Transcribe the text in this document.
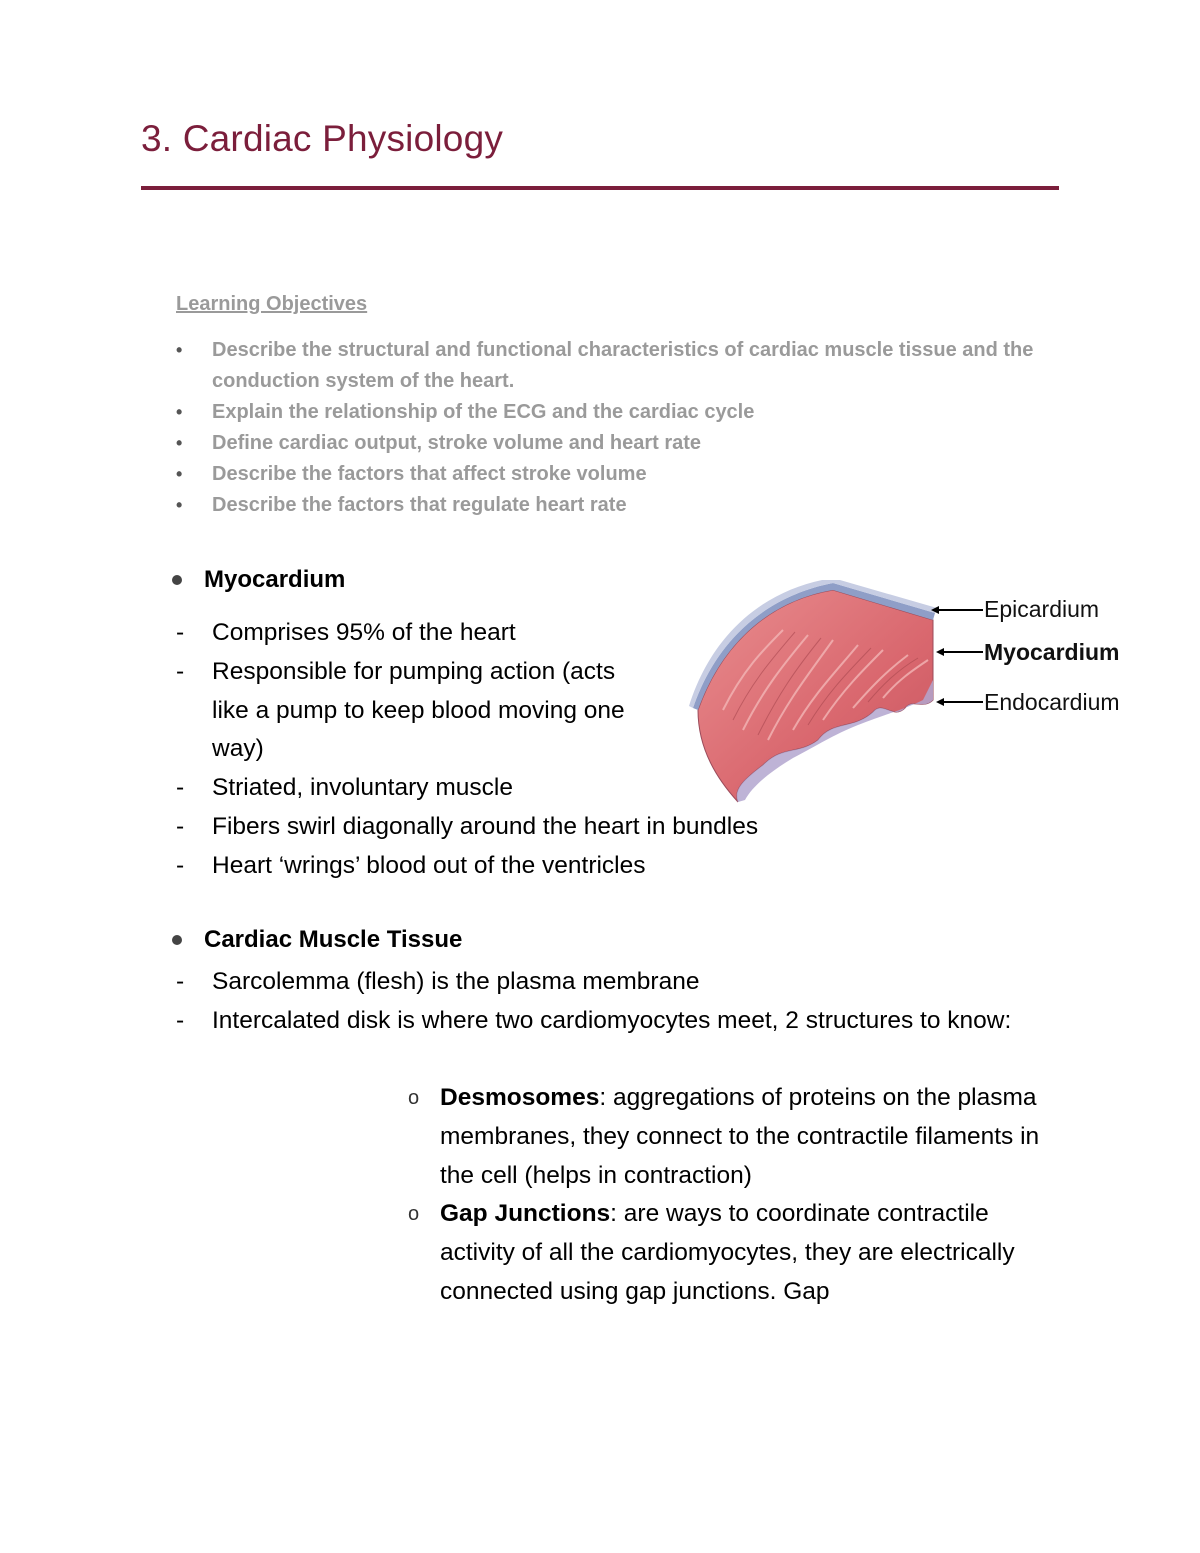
3. Cardiac Physiology
Learning Objectives
• Describe the structural and functional characteristics of cardiac muscle tissue and the conduction system of the heart.
• Explain the relationship of the ECG and the cardiac cycle
• Define cardiac output, stroke volume and heart rate
• Describe the factors that affect stroke volume
• Describe the factors that regulate heart rate
Myocardium
- Comprises 95% of the heart
- Responsible for pumping action (acts
like a pump to keep blood moving one
way)
- Striated, involuntary muscle
- Fibers swirl diagonally around the heart in bundles
- Heart ‘wrings’ blood out of the ventricles
Epicardium
Myocardium
Endocardium
Cardiac Muscle Tissue
- Sarcolemma (flesh) is the plasma membrane
- Intercalated disk is where two cardiomyocytes meet, 2 structures to know:
o Desmosomes: aggregations of proteins on the plasma membranes, they connect to the contractile filaments in the cell (helps in contraction)
o Gap Junctions: are ways to coordinate contractile activity of all the cardiomyocytes, they are electrically connected using gap junctions. Gap
